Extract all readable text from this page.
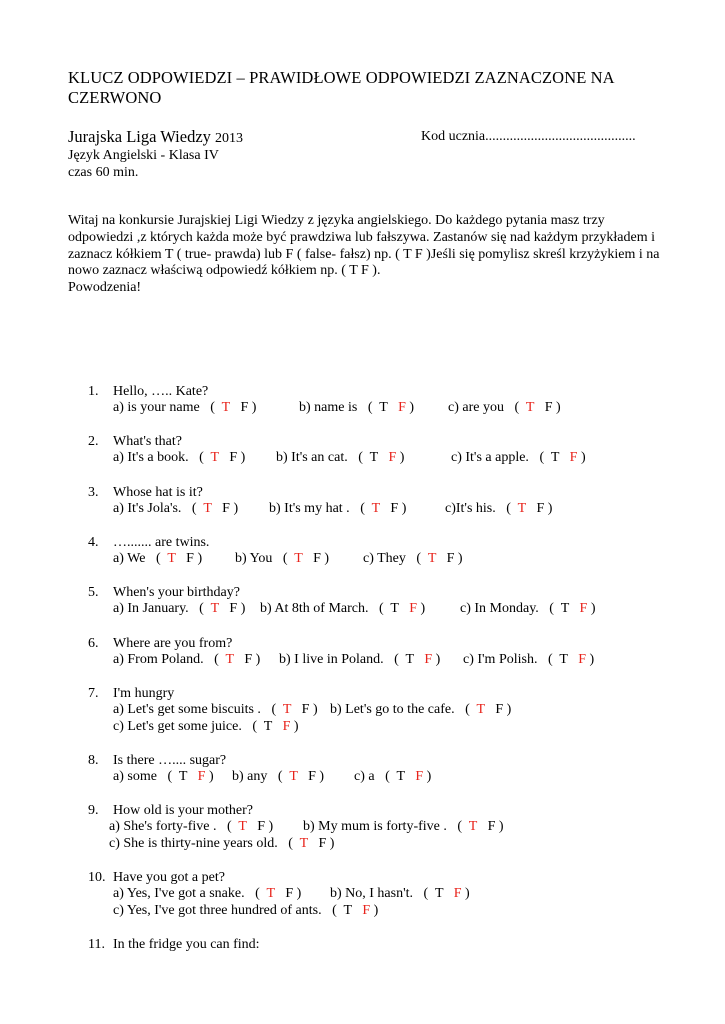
KLUCZ ODPOWIEDZI – PRAWIDŁOWE ODPOWIEDZI ZAZNACZONE NA CZERWONO
Jurajska Liga Wiedzy 2013	Kod ucznia...........................................
Język Angielski - Klasa IV
czas 60 min.

Witaj na konkursie Jurajskiej Ligi Wiedzy z języka angielskiego. Do każdego pytania masz trzy odpowiedzi ,z których każda może być prawdziwa lub fałszywa. Zastanów się nad każdym przykładem i zaznacz kółkiem T ( true- prawda) lub F ( false- fałsz) np. ( T F )Jeśli się pomylisz skreśl krzyżykiem i na nowo zaznacz właściwą odpowiedź kółkiem np. ( T F ).

Powodzenia!

1. Hello, ….. Kate?
a) is your name (  T F )	b) name is (  T F ) c) are you (  T F )
2. What's that?
a) It's a book. (  T F ) b) It's an cat. (  T F )	c) It's a apple. (  T F )
3. Whose hat is it?
a) It's Jola's. (  T F ) b) It's my hat . (  T F )	c)It's his. (  T F )
4. …....... are twins.
a) We (  T F ) b) You (  T F ) c) They (  T F )
5. When's your birthday?
a) In January. (  T F ) b) At 8th of March. (  T F ) c) In Monday. (  T F )
6. Where are you from?
a) From Poland. (  T F ) b) I live in Poland. (  T F ) c) I'm Polish. (  T F )
7. I'm hungry
a) Let's get some biscuits . (  T F ) b) Let's go to the cafe. (  T F )
c) Let's get some juice. (  T F )
8. Is there ….... sugar?
a) some (  T F ) b) any (  T F ) c) a (  T F )
9. How old is your mother?
a) She's forty-five . (  T F ) b) My mum is forty-five . (  T F )
c) She is thirty-nine years old. (  T F )
10. Have you got a pet?
a) Yes, I've got a snake. (  T F ) b) No, I hasn't. (  T F )
c) Yes, I've got three hundred of ants. (  T F )
11. In the fridge you can find:
